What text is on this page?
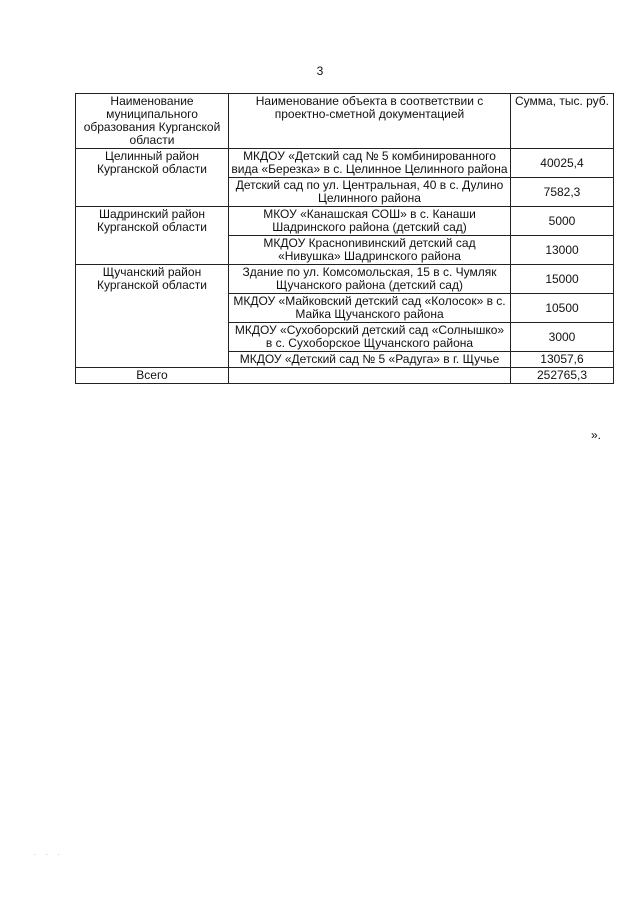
3
Наименование муниципального образования Курганской области	Наименование объекта в соответствии с проектно-сметной документацией	Сумма, тыс. руб.
Целинный район Курганской области	МКДОУ «Детский сад № 5 комбинированного вида «Березка» в с. Целинное Целинного района	40025,4
	Детский сад по ул. Центральная, 40 в с. Дулино Целинного района	7582,3
Шадринский район Курганской области	МКОУ «Канашская СОШ» в с. Канаши Шадринского района (детский сад)	5000
	МКДОУ Красноnивинский детский сад «Нивушка» Шадринского района	13000
Щучанский район Курганской области	Здание по ул. Комсомольская, 15 в с. Чумляк Щучанского района (детский сад)	15000
	МКДОУ «Майковский детский сад «Колосок» в с. Майка Щучанского района	10500
	МКДОУ «Сухоборский детский сад «Солнышко» в с. Сухоборское Щучанского района	3000
	МКДОУ «Детский сад № 5 «Радуга» в г. Щучье	13057,6
Всего		252765,3
».
. . .
